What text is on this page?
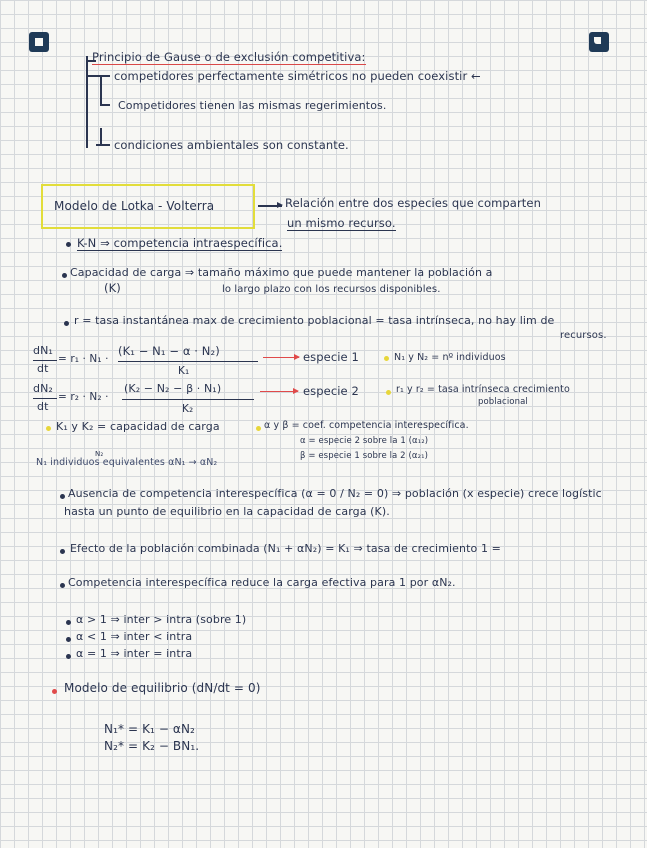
Principio de Gause o de exclusión competitiva:
competidores perfectamente simétricos no pueden coexistir ←
Competidores tienen las mismas regerimientos.
condiciones ambientales son constante.
Modelo de Lotka - Volterra	Relación entre dos especies que comparten
un mismo recurso.
K-N ⇒ competencia intraespecífica.
Capacidad de carga ⇒ tamaño máximo que puede mantener la población a
(K)	lo largo plazo con los recursos disponibles.
r = tasa instantánea max de crecimiento poblacional = tasa intrínseca, no hay lim de
recursos.
dN₁
dt
= r₁ · N₁ ·
(K₁ − N₁ − α · N₂)
K₁
especie 1	N₁ y N₂ = nº individuos
dN₂
dt
= r₂ · N₂ ·
(K₂ − N₂ − β · N₁)
K₂
especie 2	r₁ y r₂ = tasa intrínseca crecimiento
poblacional
K₁ y K₂ = capacidad de carga	α y β = coef. competencia interespecífica.
α = especie 2 sobre la 1 (α₁₂)
β = especie 1 sobre la 2 (α₂₁)
N₂
N₁ individuos equivalentes αN₁ → αN₂
Ausencia de competencia interespecífica (α = 0 / N₂ = 0) ⇒ población (x especie) crece logístic
hasta un punto de equilibrio en la capacidad de carga (K).
Efecto de la población combinada (N₁ + αN₂) = K₁ ⇒ tasa de crecimiento 1 =
Competencia interespecífica reduce la carga efectiva para 1 por αN₂.
α > 1 ⇒ inter > intra (sobre 1)
α < 1 ⇒ inter < intra
α = 1 ⇒ inter = intra
Modelo de equilibrio (dN/dt = 0)
N₁* = K₁ − αN₂
N₂* = K₂ − BN₁.
